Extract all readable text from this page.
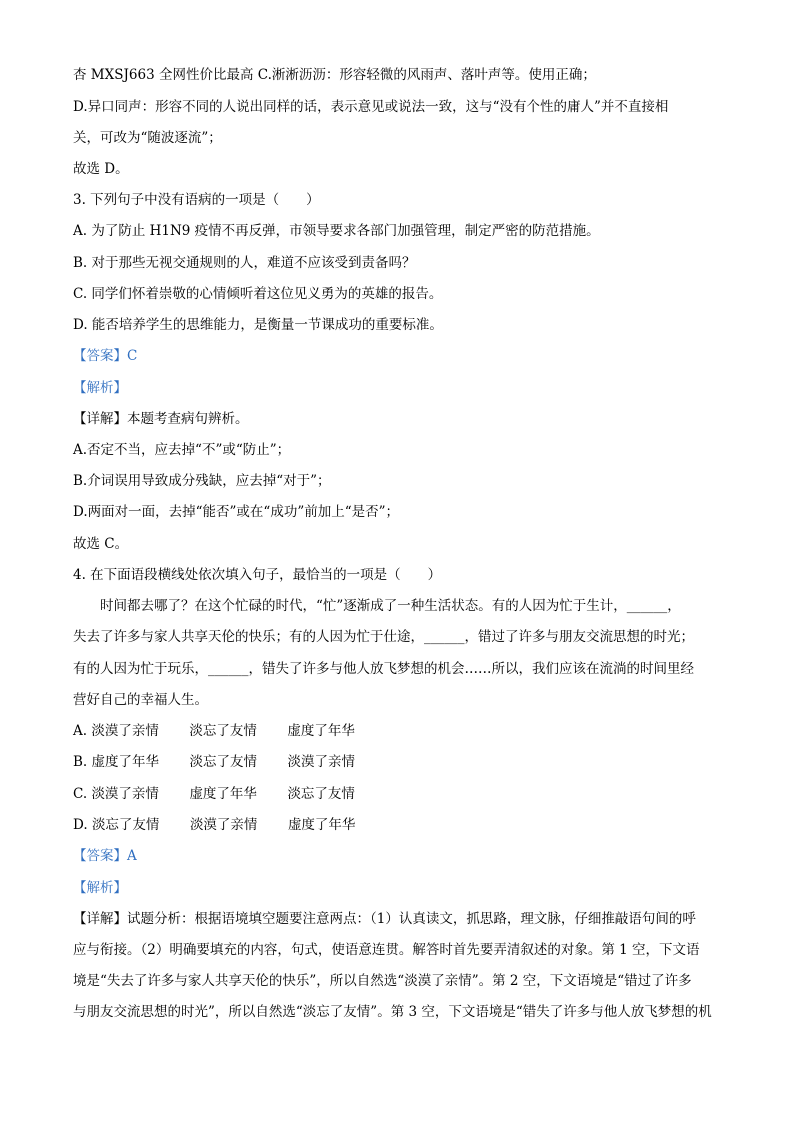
杏 MXSJ663 全网性价比最高 C.淅淅沥沥：形容轻微的风雨声、落叶声等。使用正确；
D.异口同声：形容不同的人说出同样的话，表示意见或说法一致，这与“没有个性的庸人”并不直接相
关，可改为“随波逐流”；
故选 D。
3. 下列句子中没有语病的一项是（　　）
A. 为了防止 H1N9 疫情不再反弹，市领导要求各部门加强管理，制定严密的防范措施。
B. 对于那些无视交通规则的人，难道不应该受到责备吗？
C. 同学们怀着崇敬的心情倾听着这位见义勇为的英雄的报告。
D. 能否培养学生的思维能力，是衡量一节课成功的重要标准。
【答案】C
【解析】
【详解】本题考查病句辨析。
A.否定不当，应去掉“不”或“防止”；
B.介词误用导致成分残缺，应去掉“对于”；
D.两面对一面，去掉“能否”或在“成功”前加上“是否”；
故选 C。
4. 在下面语段横线处依次填入句子，最恰当的一项是（　　）
时间都去哪了？在这个忙碌的时代，“忙”逐渐成了一种生活状态。有的人因为忙于生计，______，
失去了许多与家人共享天伦的快乐；有的人因为忙于仕途，______，错过了许多与朋友交流思想的时光；
有的人因为忙于玩乐，______，错失了许多与他人放飞梦想的机会……所以，我们应该在流淌的时间里经
营好自己的幸福人生。
A. 淡漠了亲情 淡忘了友情 虚度了年华
B. 虚度了年华 淡忘了友情 淡漠了亲情
C. 淡漠了亲情 虚度了年华 淡忘了友情
D. 淡忘了友情 淡漠了亲情 虚度了年华
【答案】A
【解析】
【详解】试题分析：根据语境填空题要注意两点：（1）认真读文，抓思路，理文脉，仔细推敲语句间的呼
应与衔接。（2）明确要填充的内容，句式，使语意连贯。解答时首先要弄清叙述的对象。第 1 空，下文语
境是“失去了许多与家人共享天伦的快乐”，所以自然选“淡漠了亲情”。第 2 空，下文语境是“错过了许多
与朋友交流思想的时光”，所以自然选“淡忘了友情”。第 3 空，下文语境是“错失了许多与他人放飞梦想的机
